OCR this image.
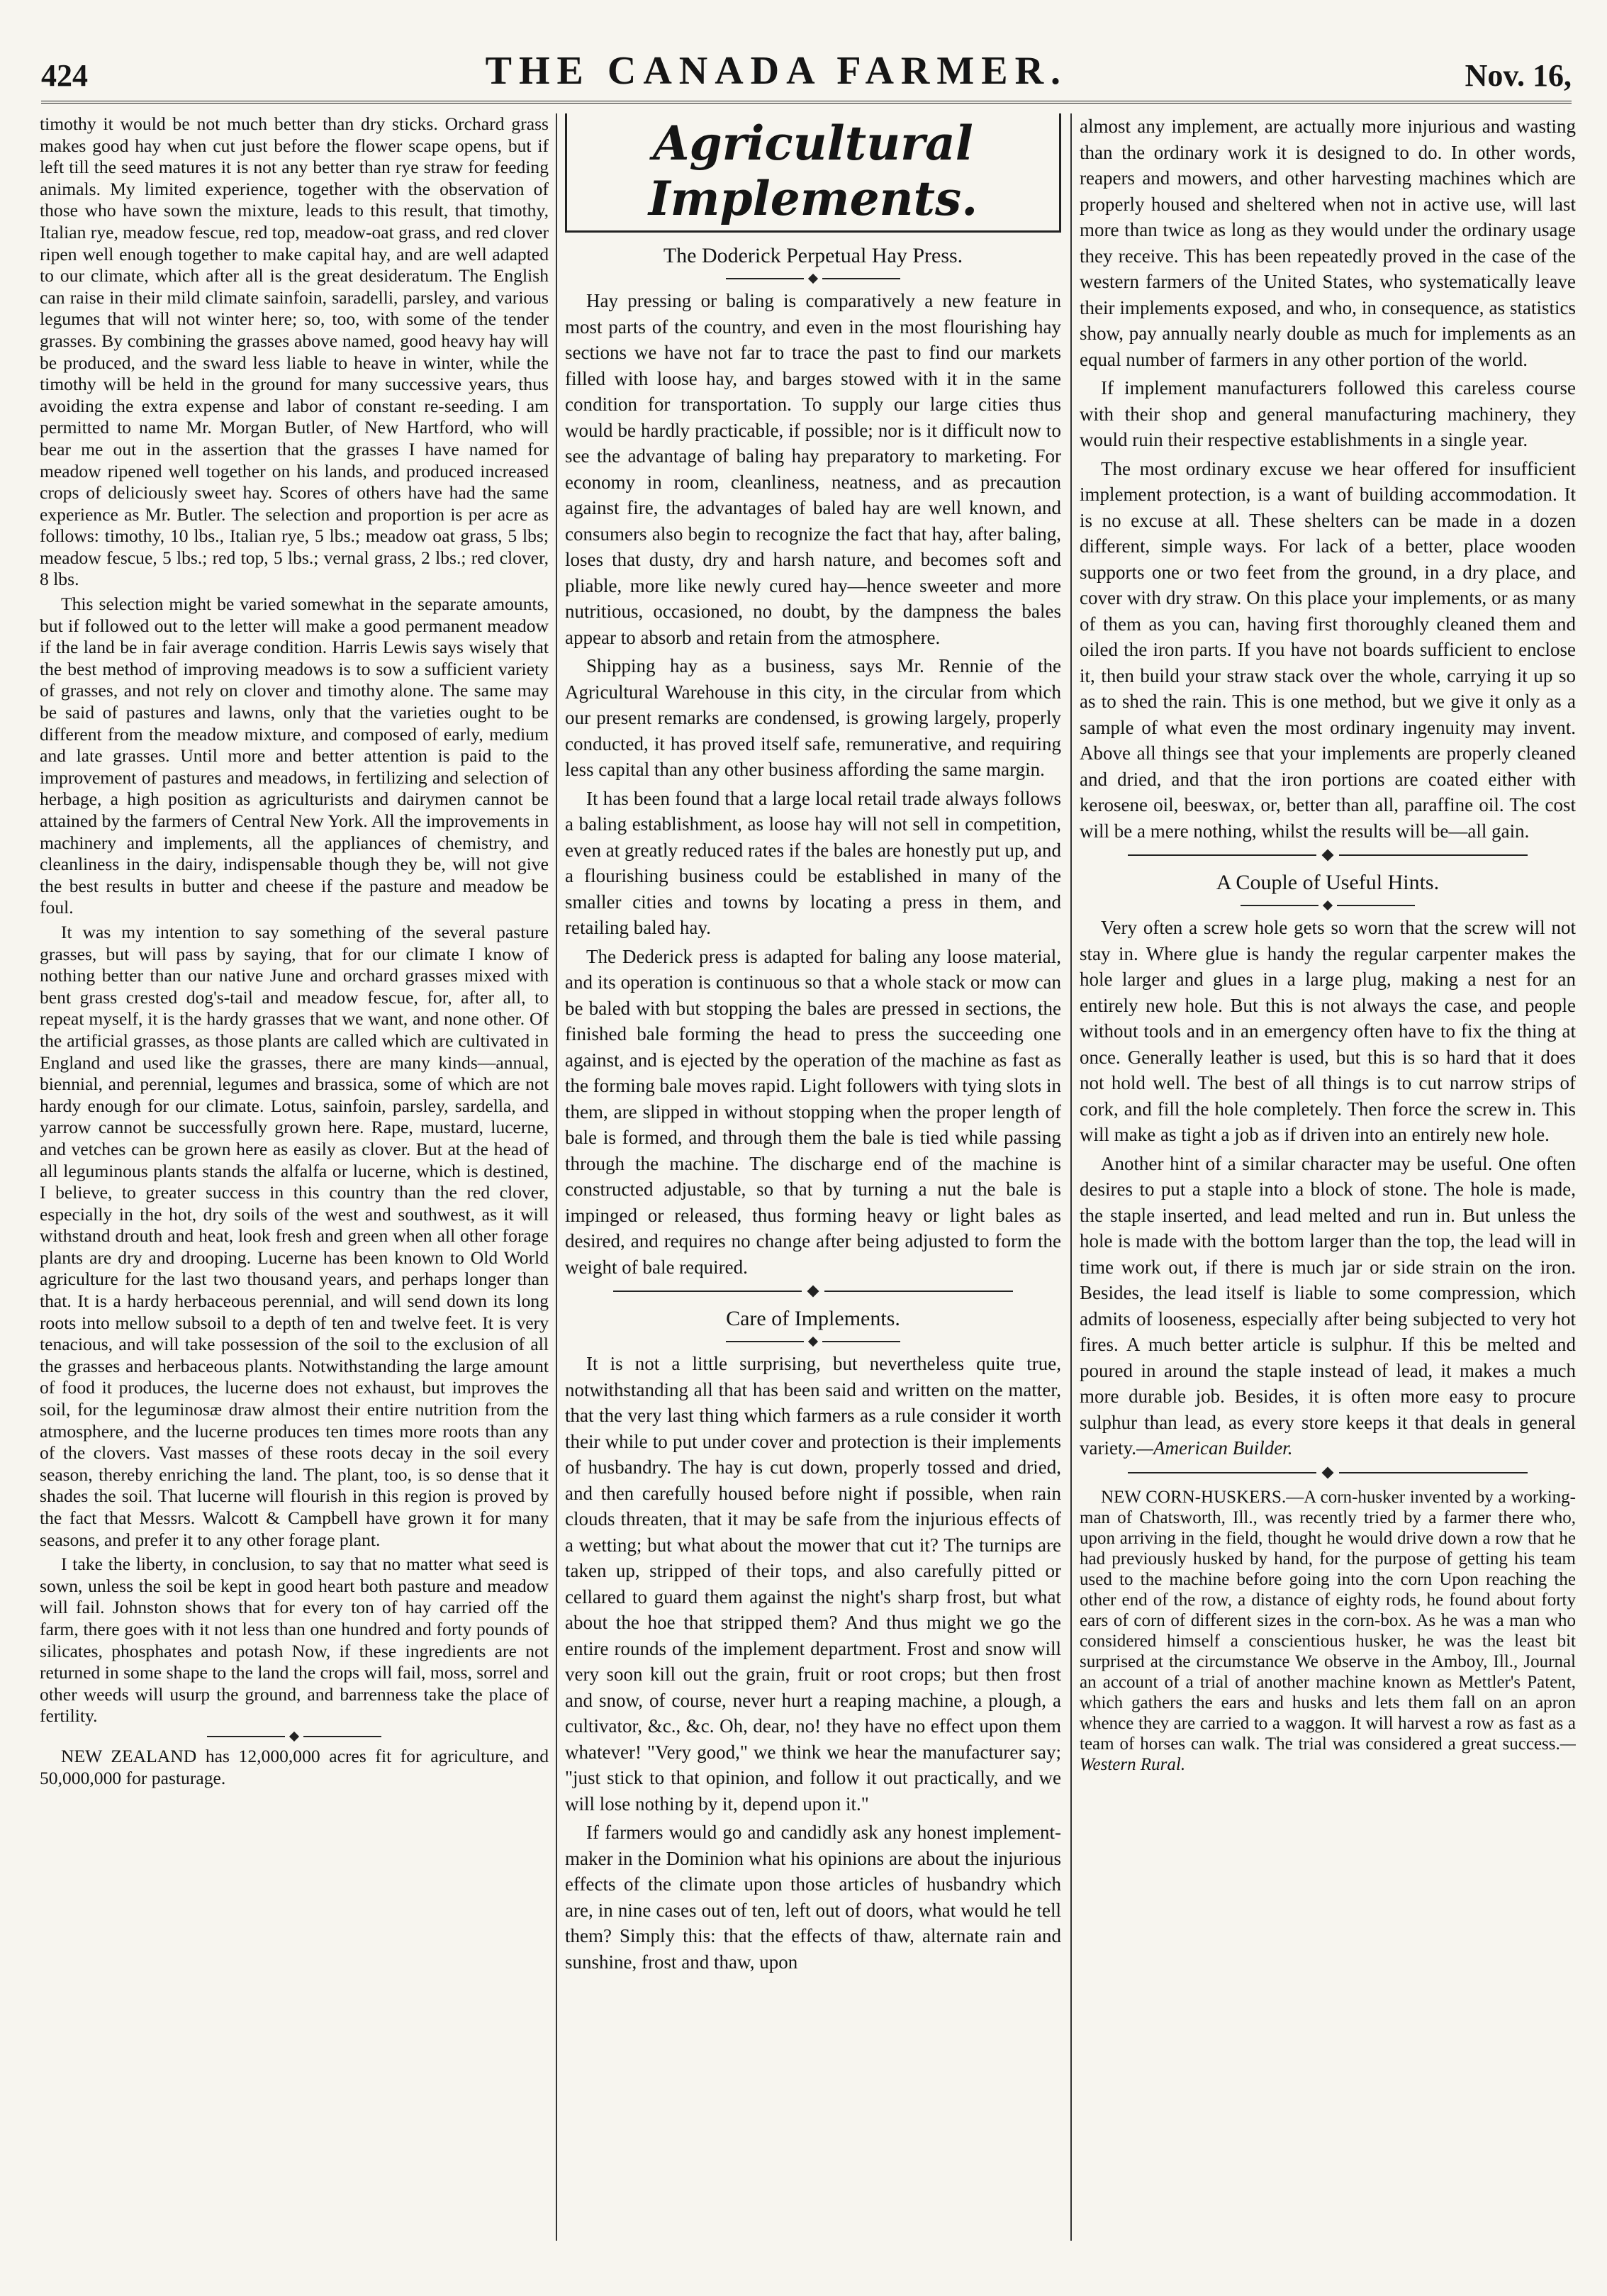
424	THE CANADA FARMER.	Nov. 16,

timothy it would be not much better than dry sticks. Orchard grass makes good hay when cut just before the flower scape opens, but if left till the seed matures it is not any better than rye straw for feeding animals. My limited experience, together with the observation of those who have sown the mixture, leads to this result, that timothy, Italian rye, meadow fescue, red top, meadow-oat grass, and red clover ripen well enough together to make capital hay, and are well adapted to our climate, which after all is the great desideratum. The English can raise in their mild climate sainfoin, saradelli, parsley, and various legumes that will not winter here; so, too, with some of the tender grasses. By combining the grasses above named, good heavy hay will be produced, and the sward less liable to heave in winter, while the timothy will be held in the ground for many successive years, thus avoiding the extra expense and labor of constant re-seeding. I am permitted to name Mr. Morgan Butler, of New Hartford, who will bear me out in the assertion that the grasses I have named for meadow ripened well together on his lands, and produced increased crops of deliciously sweet hay. Scores of others have had the same experience as Mr. Butler. The selection and proportion is per acre as follows: timothy, 10 lbs., Italian rye, 5 lbs.; meadow oat grass, 5 lbs; meadow fescue, 5 lbs.; red top, 5 lbs.; vernal grass, 2 lbs.; red clover, 8 lbs.

This selection might be varied somewhat in the separate amounts, but if followed out to the letter will make a good permanent meadow if the land be in fair average condition. Harris Lewis says wisely that the best method of improving meadows is to sow a sufficient variety of grasses, and not rely on clover and timothy alone. The same may be said of pastures and lawns, only that the varieties ought to be different from the meadow mixture, and composed of early, medium and late grasses. Until more and better attention is paid to the improvement of pastures and meadows, in fertilizing and selection of herbage, a high position as agriculturists and dairymen cannot be attained by the farmers of Central New York. All the improvements in machinery and implements, all the appliances of chemistry, and cleanliness in the dairy, indispensable though they be, will not give the best results in butter and cheese if the pasture and meadow be foul.

It was my intention to say something of the several pasture grasses, but will pass by saying, that for our climate I know of nothing better than our native June and orchard grasses mixed with bent grass crested dog's-tail and meadow fescue, for, after all, to repeat myself, it is the hardy grasses that we want, and none other. Of the artificial grasses, as those plants are called which are cultivated in England and used like the grasses, there are many kinds—annual, biennial, and perennial, legumes and brassica, some of which are not hardy enough for our climate. Lotus, sainfoin, parsley, sardella, and yarrow cannot be successfully grown here. Rape, mustard, lucerne, and vetches can be grown here as easily as clover. But at the head of all leguminous plants stands the alfalfa or lucerne, which is destined, I believe, to greater success in this country than the red clover, especially in the hot, dry soils of the west and southwest, as it will withstand drouth and heat, look fresh and green when all other forage plants are dry and drooping. Lucerne has been known to Old World agriculture for the last two thousand years, and perhaps longer than that. It is a hardy herbaceous perennial, and will send down its long roots into mellow subsoil to a depth of ten and twelve feet. It is very tenacious, and will take possession of the soil to the exclusion of all the grasses and herbaceous plants. Notwithstanding the large amount of food it produces, the lucerne does not exhaust, but improves the soil, for the leguminosæ draw almost their entire nutrition from the atmosphere, and the lucerne produces ten times more roots than any of the clovers. Vast masses of these roots decay in the soil every season, thereby enriching the land. The plant, too, is so dense that it shades the soil. That lucerne will flourish in this region is proved by the fact that Messrs. Walcott & Campbell have grown it for many seasons, and prefer it to any other forage plant.

I take the liberty, in conclusion, to say that no matter what seed is sown, unless the soil be kept in good heart both pasture and meadow will fail. Johnston shows that for every ton of hay carried off the farm, there goes with it not less than one hundred and forty pounds of silicates, phosphates and potash Now, if these ingredients are not returned in some shape to the land the crops will fail, moss, sorrel and other weeds will usurp the ground, and barrenness take the place of fertility.

NEW ZEALAND has 12,000,000 acres fit for agriculture, and 50,000,000 for pasturage.

Agricultural Implements.
The Doderick Perpetual Hay Press.

Hay pressing or baling is comparatively a new feature in most parts of the country, and even in the most flourishing hay sections we have not far to trace the past to find our markets filled with loose hay, and barges stowed with it in the same condition for transportation. To supply our large cities thus would be hardly practicable, if possible; nor is it difficult now to see the advantage of baling hay preparatory to marketing. For economy in room, cleanliness, neatness, and as precaution against fire, the advantages of baled hay are well known, and consumers also begin to recognize the fact that hay, after baling, loses that dusty, dry and harsh nature, and becomes soft and pliable, more like newly cured hay—hence sweeter and more nutritious, occasioned, no doubt, by the dampness the bales appear to absorb and retain from the atmosphere.

Shipping hay as a business, says Mr. Rennie of the Agricultural Warehouse in this city, in the circular from which our present remarks are condensed, is growing largely, properly conducted, it has proved itself safe, remunerative, and requiring less capital than any other business affording the same margin.

It has been found that a large local retail trade always follows a baling establishment, as loose hay will not sell in competition, even at greatly reduced rates if the bales are honestly put up, and a flourishing business could be established in many of the smaller cities and towns by locating a press in them, and retailing baled hay.

The Dederick press is adapted for baling any loose material, and its operation is continuous so that a whole stack or mow can be baled with but stopping the bales are pressed in sections, the finished bale forming the head to press the succeeding one against, and is ejected by the operation of the machine as fast as the forming bale moves rapid. Light followers with tying slots in them, are slipped in without stopping when the proper length of bale is formed, and through them the bale is tied while passing through the machine. The discharge end of the machine is constructed adjustable, so that by turning a nut the bale is impinged or released, thus forming heavy or light bales as desired, and requires no change after being adjusted to form the weight of bale required.

Care of Implements.

It is not a little surprising, but nevertheless quite true, notwithstanding all that has been said and written on the matter, that the very last thing which farmers as a rule consider it worth their while to put under cover and protection is their implements of husbandry. The hay is cut down, properly tossed and dried, and then carefully housed before night if possible, when rain clouds threaten, that it may be safe from the injurious effects of a wetting; but what about the mower that cut it? The turnips are taken up, stripped of their tops, and also carefully pitted or cellared to guard them against the night's sharp frost, but what about the hoe that stripped them? And thus might we go the entire rounds of the implement department. Frost and snow will very soon kill out the grain, fruit or root crops; but then frost and snow, of course, never hurt a reaping machine, a plough, a cultivator, &c., &c. Oh, dear, no! they have no effect upon them whatever! "Very good," we think we hear the manufacturer say; "just stick to that opinion, and follow it out practically, and we will lose nothing by it, depend upon it."

If farmers would go and candidly ask any honest implement-maker in the Dominion what his opinions are about the injurious effects of the climate upon those articles of husbandry which are, in nine cases out of ten, left out of doors, what would he tell them? Simply this: that the effects of thaw, alternate rain and sunshine, frost and thaw, upon

almost any implement, are actually more injurious and wasting than the ordinary work it is designed to do. In other words, reapers and mowers, and other harvesting machines which are properly housed and sheltered when not in active use, will last more than twice as long as they would under the ordinary usage they receive. This has been repeatedly proved in the case of the western farmers of the United States, who systematically leave their implements exposed, and who, in consequence, as statistics show, pay annually nearly double as much for implements as an equal number of farmers in any other portion of the world.

If implement manufacturers followed this careless course with their shop and general manufacturing machinery, they would ruin their respective establishments in a single year.

The most ordinary excuse we hear offered for insufficient implement protection, is a want of building accommodation. It is no excuse at all. These shelters can be made in a dozen different, simple ways. For lack of a better, place wooden supports one or two feet from the ground, in a dry place, and cover with dry straw. On this place your implements, or as many of them as you can, having first thoroughly cleaned them and oiled the iron parts. If you have not boards sufficient to enclose it, then build your straw stack over the whole, carrying it up so as to shed the rain. This is one method, but we give it only as a sample of what even the most ordinary ingenuity may invent. Above all things see that your implements are properly cleaned and dried, and that the iron portions are coated either with kerosene oil, beeswax, or, better than all, paraffine oil. The cost will be a mere nothing, whilst the results will be—all gain.

A Couple of Useful Hints.

Very often a screw hole gets so worn that the screw will not stay in. Where glue is handy the regular carpenter makes the hole larger and glues in a large plug, making a nest for an entirely new hole. But this is not always the case, and people without tools and in an emergency often have to fix the thing at once. Generally leather is used, but this is so hard that it does not hold well. The best of all things is to cut narrow strips of cork, and fill the hole completely. Then force the screw in. This will make as tight a job as if driven into an entirely new hole.

Another hint of a similar character may be useful. One often desires to put a staple into a block of stone. The hole is made, the staple inserted, and lead melted and run in. But unless the hole is made with the bottom larger than the top, the lead will in time work out, if there is much jar or side strain on the iron. Besides, the lead itself is liable to some compression, which admits of looseness, especially after being subjected to very hot fires. A much better article is sulphur. If this be melted and poured in around the staple instead of lead, it makes a much more durable job. Besides, it is often more easy to procure sulphur than lead, as every store keeps it that deals in general variety.—American Builder.

NEW CORN-HUSKERS.—A corn-husker invented by a working-man of Chatsworth, Ill., was recently tried by a farmer there who, upon arriving in the field, thought he would drive down a row that he had previously husked by hand, for the purpose of getting his team used to the machine before going into the corn Upon reaching the other end of the row, a distance of eighty rods, he found about forty ears of corn of different sizes in the corn-box. As he was a man who considered himself a conscientious husker, he was the least bit surprised at the circumstance We observe in the Amboy, Ill., Journal an account of a trial of another machine known as Mettler's Patent, which gathers the ears and husks and lets them fall on an apron whence they are carried to a waggon. It will harvest a row as fast as a team of horses can walk. The trial was considered a great success.—Western Rural.
